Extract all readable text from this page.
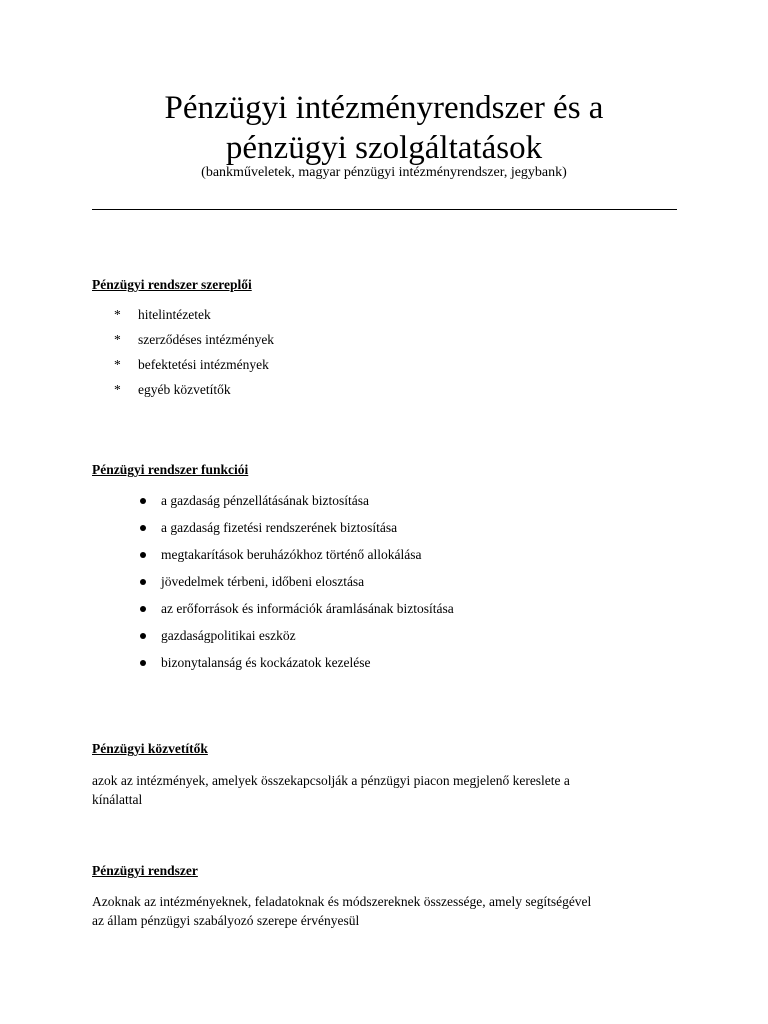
Pénzügyi intézményrendszer és a
pénzügyi szolgáltatások
(bankműveletek, magyar pénzügyi intézményrendszer, jegybank)
Pénzügyi rendszer szereplői
* hitelintézetek
* szerződéses intézmények
* befektetési intézmények
* egyéb közvetítők
Pénzügyi rendszer funkciói
a gazdaság pénzellátásának biztosítása
a gazdaság fizetési rendszerének biztosítása
megtakarítások beruházókhoz történő allokálása
jövedelmek térbeni, időbeni elosztása
az erőforrások és információk áramlásának biztosítása
gazdaságpolitikai eszköz
bizonytalanság és kockázatok kezelése
Pénzügyi közvetítők
azok az intézmények, amelyek összekapcsolják a pénzügyi piacon megjelenő kereslete a
kínálattal
Pénzügyi rendszer
Azoknak az intézményeknek, feladatoknak és módszereknek összessége, amely segítségével
az állam pénzügyi szabályozó szerepe érvényesül
